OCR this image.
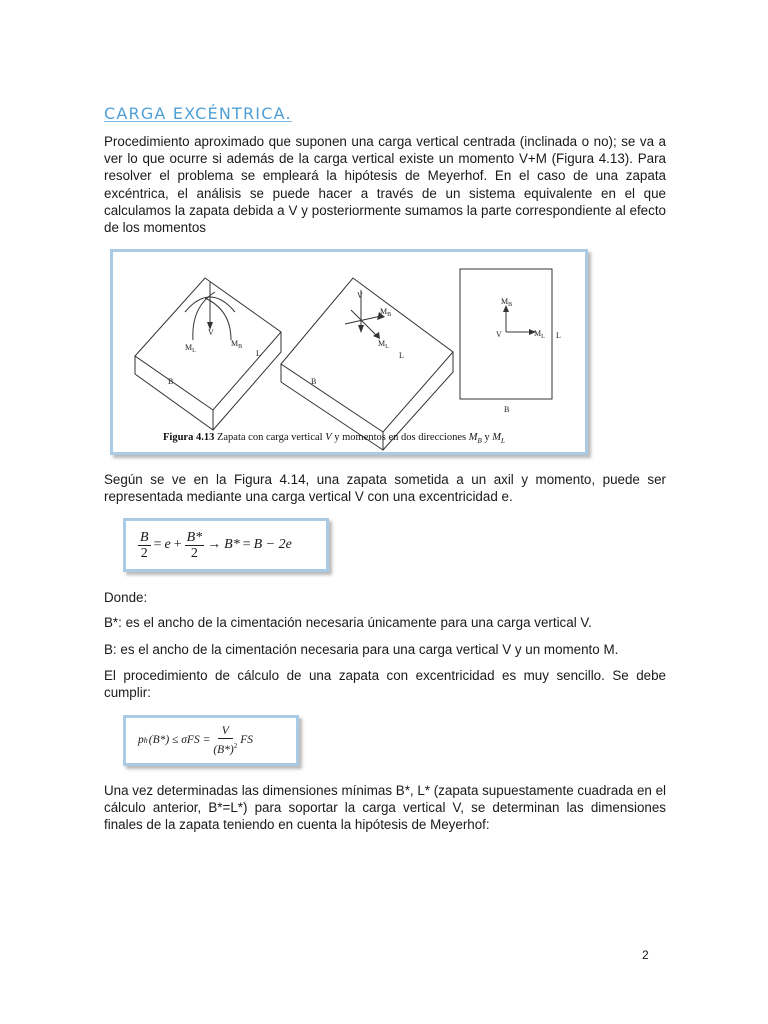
CARGA EXCÉNTRICA.
Procedimiento aproximado que suponen una carga vertical centrada (inclinada o no); se va a ver lo que ocurre si además de la carga vertical existe un momento V+M (Figura 4.13). Para resolver el problema se empleará la hipótesis de Meyerhof. En el caso de una zapata excéntrica, el análisis se puede hacer a través de un sistema equivalente en el que calculamos la zapata debida a V y posteriormente sumamos la parte correspondiente al efecto de los momentos
V
$M_L$
$M_B$
L
B
V
$M_B$
$M_L$
L
B
$M_B$
V	$M_L$ L
B
Figura 4.13 Zapata con carga vertical V y momentos en dos direcciones $M_B$ y $M_L$
Según se ve en la Figura 4.14, una zapata sometida a un axil y momento, puede ser representada mediante una carga vertical V con una excentricidad e.
$\frac{B}{2} = e + \frac{B*}{2} \to B* = B - 2e$
Donde:
B*: es el ancho de la cimentación necesaria únicamente para una carga vertical V.
B: es el ancho de la cimentación necesaria para una carga vertical V y un momento M.
El procedimiento de cálculo de una zapata con excentricidad es muy sencillo. Se debe cumplir:
p h $(B*) \le \sigma FS = \frac{V}{(B*)^2}$ FS
Una vez determinadas las dimensiones mínimas B*, L* (zapata supuestamente cuadrada en el cálculo anterior, B*=L*) para soportar la carga vertical V, se determinan las dimensiones finales de la zapata teniendo en cuenta la hipótesis de Meyerhof:
2
